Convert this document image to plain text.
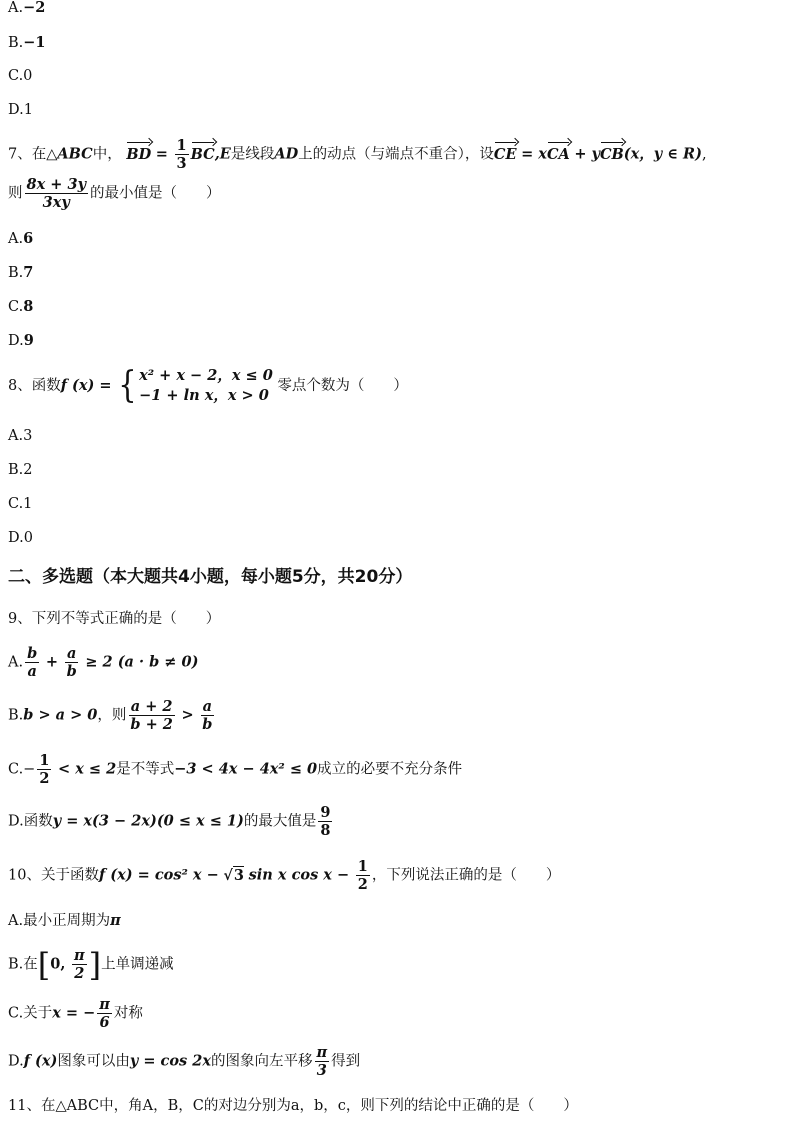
A.−2
B.−1
C.0
D.1
7、在△ABC中， BD = $\frac{1}{3} BC,E$是线段AD上的动点（与端点不重合），设CE = xCA + yCB(x，y ∈ R),
则 $\frac{8x + 3y}{3xy}$ 的最小值是（　　）
A.6
B.7
C.8
D.9
8、函数f (x) = { x² + x − 2，x ≤ 0
−1 + ln x，x > 0
零点个数为（　　）
A.3
B.2
C.1
D.0
二、多选题（本大题共4小题，每小题5分，共20分）
9、下列不等式正确的是（　　）
A. $\frac{b}{a} + \frac{a}{b} \ge 2$ (a · b ≠ 0)
B.b > a > 0，则 $\frac{a + 2}{b + 2} > \frac{a}{b}$
$C.- \frac{1}{2} < x \le 2$是不等式−3 < 4x − 4x² ≤ 0成立的必要不充分条件
D.函数y = x(3 − 2x)(0 ≤ x ≤ 1)的最大值是 $\frac{9}{8}$
10、关于函数f (x) = cos² x − √3 sin x $\cos x - \frac{1}{2}$ ，下列说法正确的是（　　）
A.最小正周期为π
B.在[0, $\frac{\pi}{2}$ ]上单调递减
C.关于x = − $\frac{\pi}{6}$ 对称
D.f (x)图象可以由y = cos 2x的图象向左平移 $\frac{\pi}{3}$ 得到
11、在△ABC中，角A，B，C的对边分别为a，b，c，则下列的结论中正确的是（　　）
